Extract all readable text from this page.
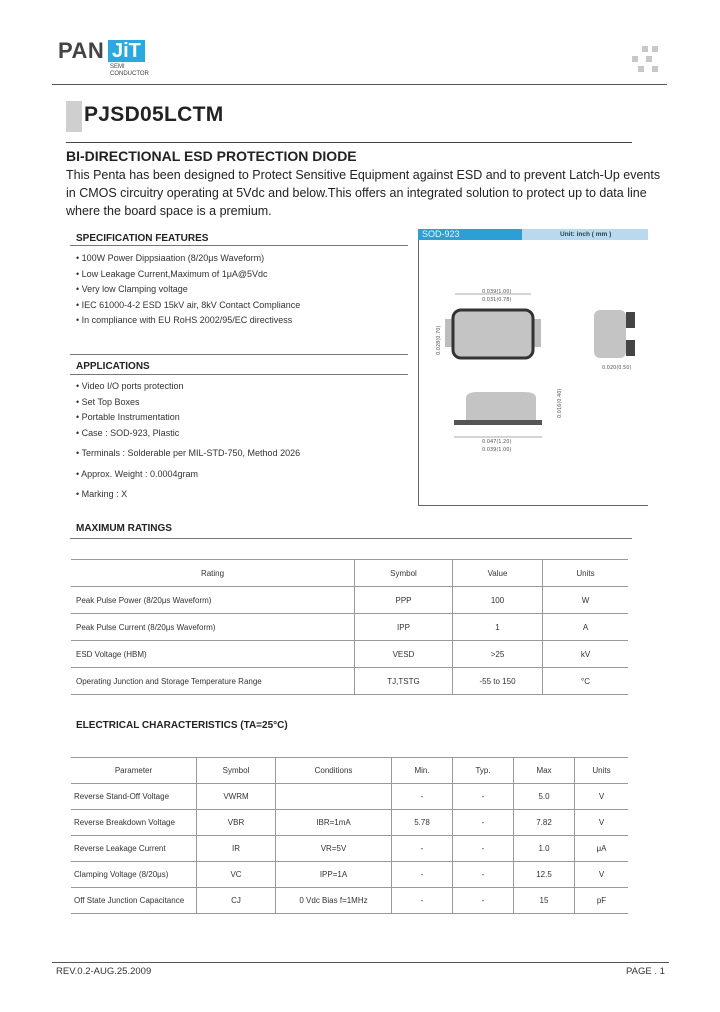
PAN JiT
SEMI
CONDUCTOR
PJSD05LCTM
BI-DIRECTIONAL ESD PROTECTION DIODE
This Penta has been designed to Protect Sensitive Equipment against ESD and to prevent Latch-Up events in CMOS circuitry operating at 5Vdc and below.This offers an integrated solution to protect up to data line where the board space is a premium.
SPECIFICATION FEATURES
• 100W Power Dippsiaation (8/20μs Waveform)
• Low Leakage Current,Maximum of 1μA@5Vdc
• Very low Clamping voltage
• IEC 61000-4-2 ESD 15kV air, 8kV Contact Compliance
• In compliance with EU RoHS 2002/95/EC directivess
APPLICATIONS
• Video I/O ports protection
• Set Top Boxes
• Portable Instrumentation
• Case : SOD-923, Plastic
• Terminals : Solderable per MIL-STD-750, Method 2026
• Approx. Weight : 0.0004gram
• Marking : X
SOD-923	Unit: inch ( mm )
0.039(1.00)
0.031(0.78)
0.028(0.70)
0.020(0.50)
0.047(1.20)
0.039(1.00)
0.016(0.40)
MAXIMUM RATINGS
Rating	Symbol	Value	Units
Peak Pulse Power (8/20μs Waveform)	PPP	100	W
Peak Pulse Current (8/20μs Waveform)	IPP	1	A
ESD Voltage (HBM)	VESD	>25	kV
Operating Junction and Storage Temperature Range	TJ,TSTG	-55 to 150	°C
ELECTRICAL CHARACTERISTICS (TA=25°C)
Parameter	Symbol	Conditions	Min.	Typ.	Max	Units
Reverse Stand-Off Voltage	VWRM		-	-	5.0	V
Reverse Breakdown Voltage	VBR	IBR=1mA	5.78	-	7.82	V
Reverse Leakage Current	IR	VR=5V	-	-	1.0	μA
Clamping Voltage (8/20μs)	VC	IPP=1A	-	-	12.5	V
Off State Junction Capacitance	CJ	0 Vdc Bias f=1MHz	-	-	15	pF
REV.0.2-AUG.25.2009	PAGE . 1
